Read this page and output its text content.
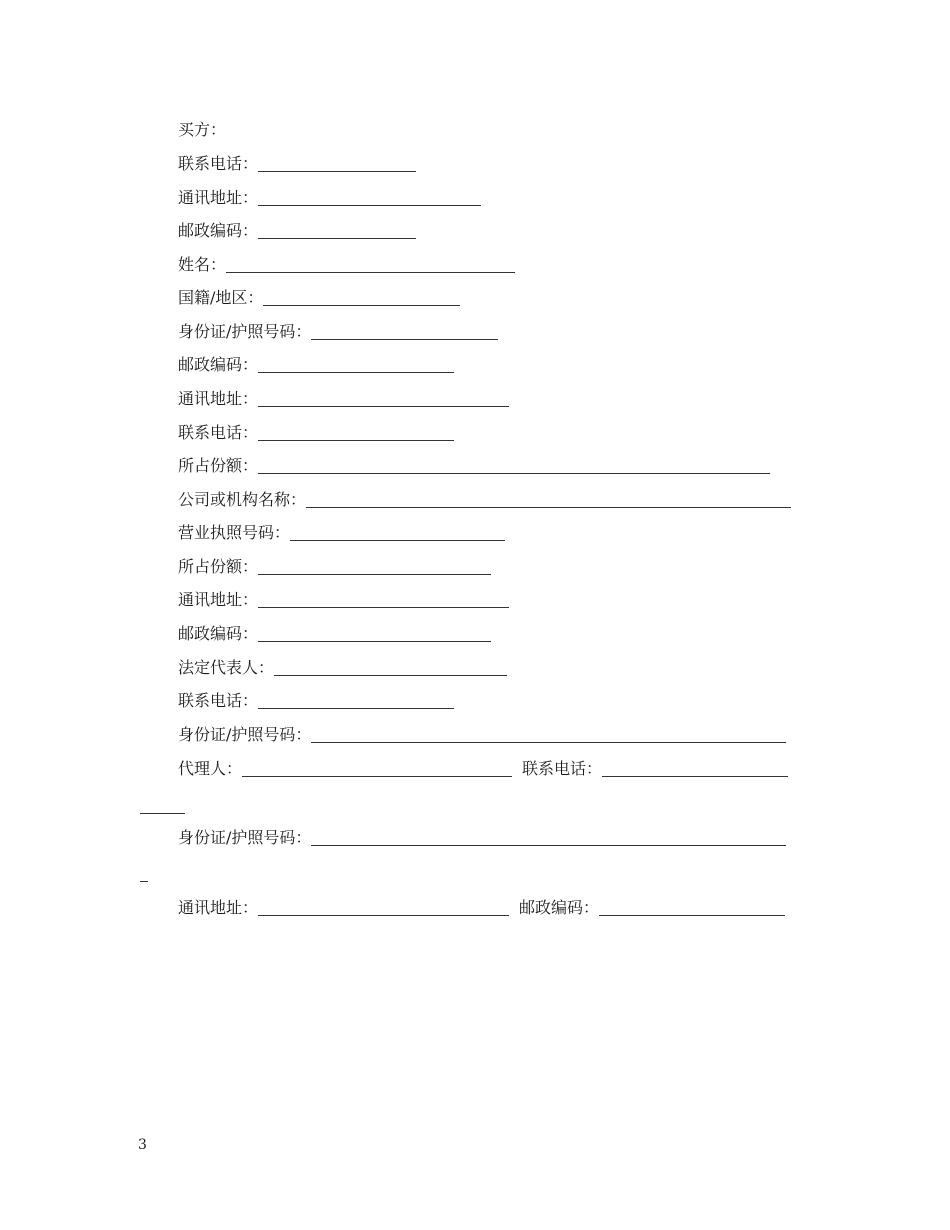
买方：
联系电话：
通讯地址：
邮政编码：
姓名：
国籍/地区：
身份证/护照号码：
邮政编码：
通讯地址：
联系电话：
所占份额：
公司或机构名称：
营业执照号码：
所占份额：
通讯地址：
邮政编码：
法定代表人：
联系电话：
身份证/护照号码：
代理人：	联系电话：
身份证/护照号码：
通讯地址：	邮政编码：
3
